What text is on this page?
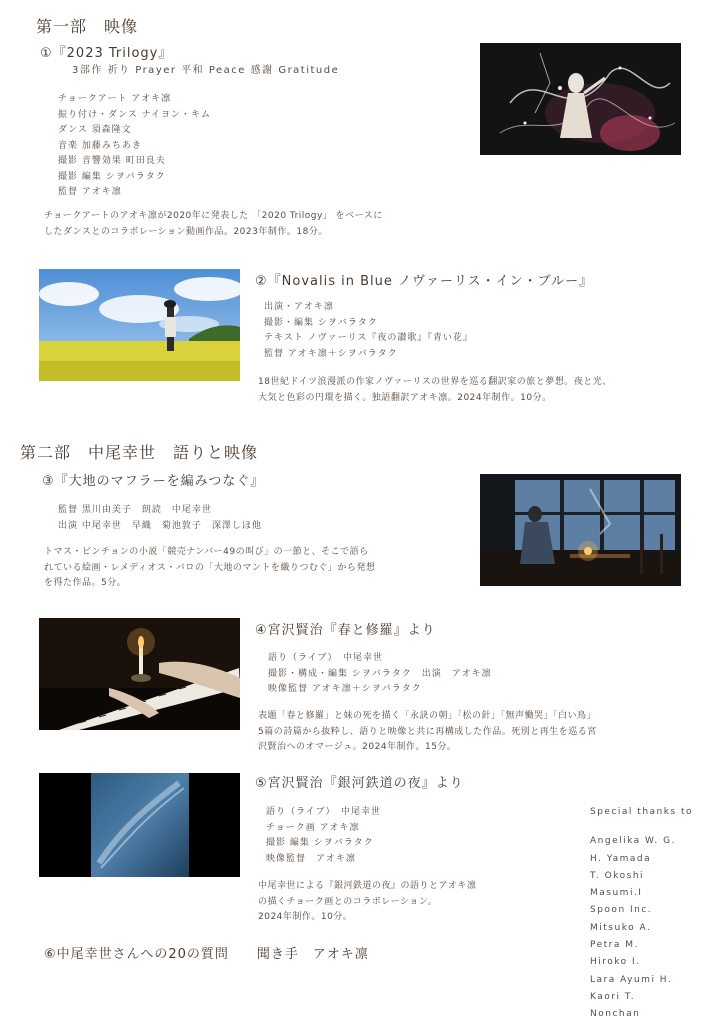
第一部　映像
①『2023 Trilogy』
3部作 祈り Prayer 平和 Peace 感謝 Gratitude
チョークアート アオキ凛
振り付け・ダンス ナイヨン・キム
ダンス 須森隆文
音楽 加藤みちあき
撮影 音響効果 町田良夫
撮影 編集 シヲバラタク
監督 アオキ凛
チョークアートのアオキ凛が2020年に発表した 「2020 Trilogy」 をベースに
したダンスとのコラボレーション動画作品。2023年制作。18分。
②『Novalis in Blue ノヴァーリス・イン・ブルー』
出演・アオキ凛
撮影・編集 シヲバラタク
テキスト ノヴァーリス『夜の讃歌』『青い花』
監督 アオキ凛＋シヲバラタク
18世紀ドイツ浪漫派の作家ノヴァーリスの世界を巡る翻訳家の旅と夢想。夜と光、
大気と色彩の円環を描く。独語翻訳アオキ凛。2024年制作。10分。
第二部　中尾幸世　語りと映像
③『大地のマフラーを編みつなぐ』
監督 黒川由美子　朗読　中尾幸世
出演 中尾幸世　早織　菊池敦子　深澤しほ他
トマス・ピンチョンの小説「競売ナンバー49の叫び」の一節と、そこで語ら
れている絵画・レメディオス・バロの「大地のマントを織りつむぐ」から発想
を得た作品。5分。
④宮沢賢治『春と修羅』より
語り（ライブ）　中尾幸世
撮影・構成・編集 シヲバラタク　出演　アオキ凛
映像監督 アオキ凛＋シヲバラタク
表題「春と修羅」と妹の死を描く「永訣の朝」「松の針」「無声慟哭」「白い鳥」
5篇の詩篇から抜粋し、語りと映像と共に再構成した作品。死別と再生を巡る宮
沢賢治へのオマージュ。2024年制作。15分。
⑤宮沢賢治『銀河鉄道の夜』より
語り（ライブ）　中尾幸世
チョーク画 アオキ凛
撮影 編集 シヲバラタク
映像監督　アオキ凛
中尾幸世による『銀河鉄道の夜』の語りとアオキ凛
の描くチョーク画とのコラボレーション。
2024年制作。10分。
⑥中尾幸世さんへの20の質問　　聞き手　アオキ凛
Special thanks to
Angelika W. G.
H. Yamada
T. Okoshi
Masumi.I
Spoon Inc.
Mitsuko A.
Petra M.
Hiroko I.
Lara Ayumi H.
Kaori T.
Nonchan
